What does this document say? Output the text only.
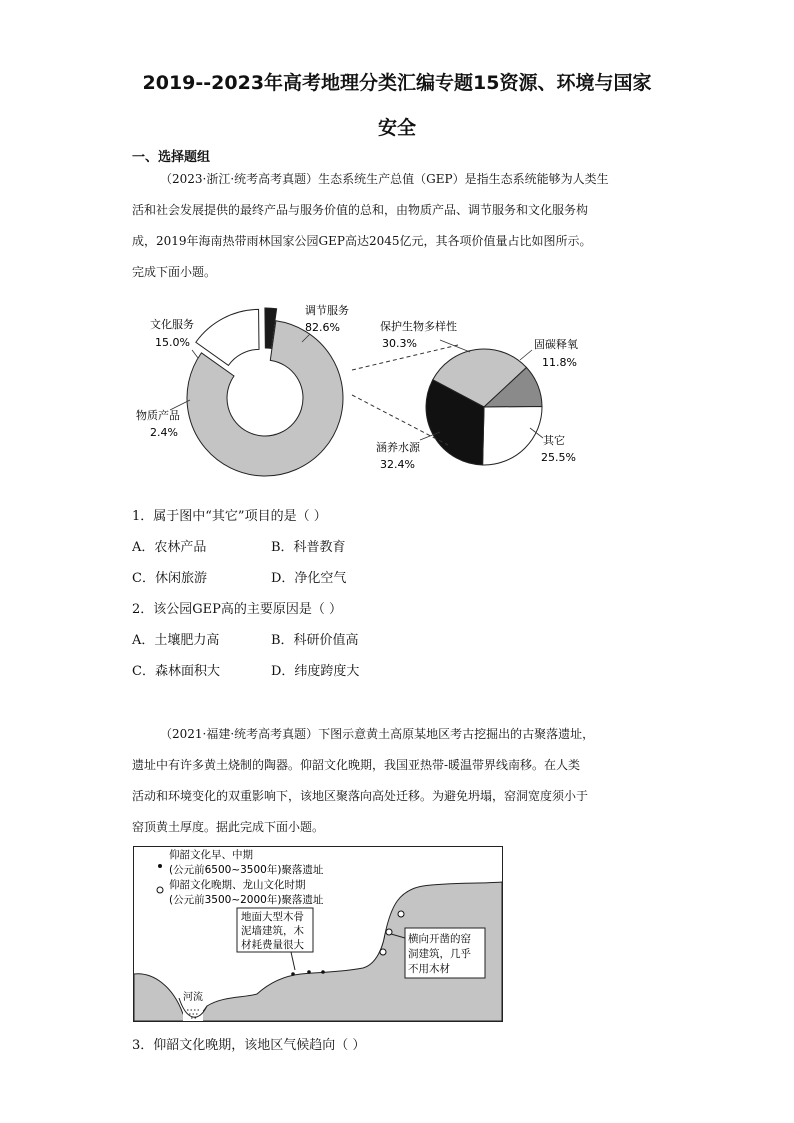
2019--2023年高考地理分类汇编专题15资源、环境与国家
安全
一、选择题组

（2023·浙江·统考高考真题）生态系统生产总值（GEP）是指生态系统能够为人类生

活和社会发展提供的最终产品与服务价值的总和，由物质产品、调节服务和文化服务构

成，2019年海南热带雨林国家公园GEP高达2045亿元，其各项价值量占比如图所示。

完成下面小题。

文化服务
15.0%
调节服务
82.6%
物质产品
2.4%
保护生物多样性
30.3%	固碳释氧
11.8%
其它
25.5%
涵养水源
32.4%
1．属于图中“其它”项目的是（ ）
A．农林产品	B．科普教育
C．休闲旅游	D．净化空气
2．该公园GEP高的主要原因是（ ）
A．土壤肥力高	B．科研价值高
C．森林面积大	D．纬度跨度大

（2021·福建·统考高考真题）下图示意黄土高原某地区考古挖掘出的古聚落遗址，

遗址中有许多黄土烧制的陶器。仰韶文化晚期，我国亚热带-暖温带界线南移。在人类

活动和环境变化的双重影响下，该地区聚落向高处迁移。为避免坍塌，窑洞宽度须小于

窑顶黄土厚度。据此完成下面小题。

河流
仰韶文化早、中期
(公元前6500~3500年)聚落遗址
仰韶文化晚期、龙山文化时期
(公元前3500~2000年)聚落遗址
地面大型木骨
泥墙建筑，木
材耗费量很大	横向开凿的窑
洞建筑，几乎
不用木材
3．仰韶文化晚期，该地区气候趋向（ ）
